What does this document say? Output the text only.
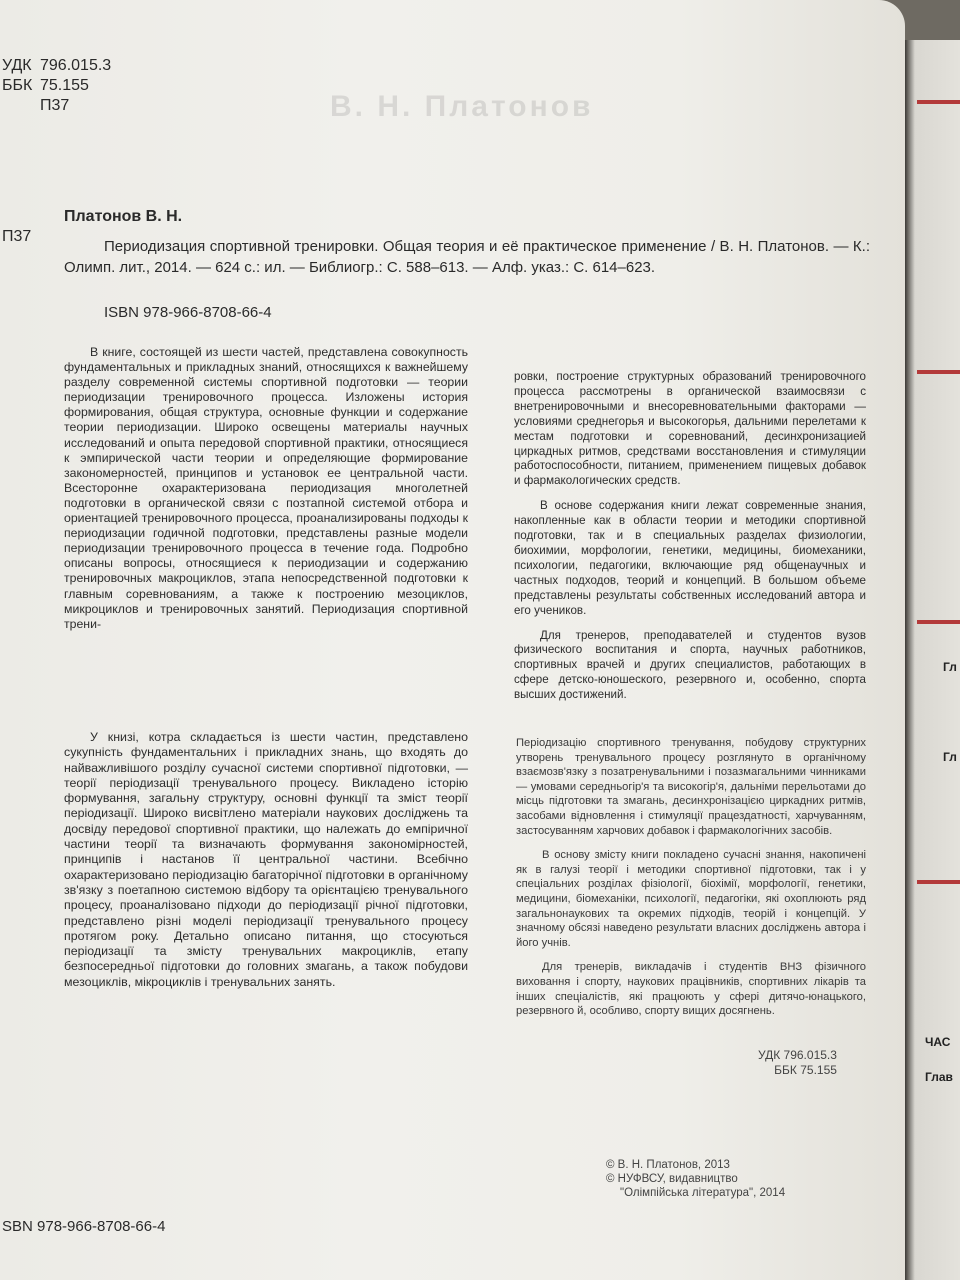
Гл
Гл
ЧАС
Глав
В. Н. Платонов
УДК 796.015.3
ББК 75.155
П37
П37
Платонов В. Н.
Периодизация спортивной тренировки. Общая теория и её практическое применение / В. Н. Платонов. — К.: Олимп. лит., 2014. — 624 с.: ил. — Библиогр.: С. 588–613. — Алф. указ.: С. 614–623.
ISBN 978-966-8708-66-4

В книге, состоящей из шести частей, представлена совокупность фундаментальных и прикладных знаний, относящихся к важнейшему разделу современной системы спортивной подготовки — теории периодизации тренировочного процесса. Изложены история формирования, общая структура, основные функции и содержание теории периодизации. Широко освещены материалы научных исследований и опыта передовой спортивной практики, относящиеся к эмпирической части теории и определяющие формирование закономерностей, принципов и установок ее центральной части. Всесторонне охарактеризована периодизация многолетней подготовки в органической связи с позтапной системой отбора и ориентацией тренировочного процесса, проанализированы подходы к периодизации годичной подготовки, представлены разные модели периодизации тренировочного процесса в течение года. Подробно описаны вопросы, относящиеся к периодизации и содержанию тренировочных макроциклов, этапа непосредственной подготовки к главным соревнованиям, а также к построению мезоциклов, микроциклов и тренировочных занятий. Периодизация спортивной трени-

ровки, построение структурных образований тренировочного процесса рассмотрены в органической взаимосвязи с внетренировочными и внесоревновательными факторами — условиями среднегорья и высокогорья, дальними перелетами к местам подготовки и соревнований, десинхронизацией циркадных ритмов, средствами восстановления и стимуляции работоспособности, питанием, применением пищевых добавок и фармакологических средств.

В основе содержания книги лежат современные знания, накопленные как в области теории и методики спортивной подготовки, так и в специальных разделах физиологии, биохимии, морфологии, генетики, медицины, биомеханики, психологии, педагогики, включающие ряд общенаучных и частных подходов, теорий и концепций. В большом объеме представлены результаты собственных исследований автора и его учеников.

Для тренеров, преподавателей и студентов вузов физического воспитания и спорта, научных работников, спортивных врачей и других специалистов, работающих в сфере детско-юношеского, резервного и, особенно, спорта высших достижений.

У книзі, котра складається із шести частин, представлено сукупність фундаментальних і прикладних знань, що входять до найважливішого розділу сучасної системи спортивної підготовки, — теорії періодизації тренувального процесу. Викладено історію формування, загальну структуру, основні функції та зміст теорії періодизації. Широко висвітлено матеріали наукових досліджень та досвіду передової спортивної практики, що належать до емпіричної частини теорії та визначають формування закономірностей, принципів і настанов її центральної частини. Всебічно охарактеризовано періодизацію багаторічної підготовки в органічному зв'язку з поетапною системою відбору та орієнтацією тренувального процесу, проаналізовано підходи до періодизації річної підготовки, представлено різні моделі періодизації тренувального процесу протягом року. Детально описано питання, що стосуються періодизації та змісту тренувальних макроциклів, етапу безпосередньої підготовки до головних змагань, а також побудови мезоциклів, мікроциклів і тренувальних занять.

Періодизацію спортивного тренування, побудову структурних утворень тренувального процесу розглянуто в органічному взаємозв'язку з позатренувальними і позазмагальними чинниками — умовами середньогір'я та високогір'я, дальніми перельотами до місць підготовки та змагань, десинхронізацією циркадних ритмів, засобами відновлення і стимуляції працездатності, харчуванням, застосуванням харчових добавок і фармакологічних засобів.

В основу змісту книги покладено сучасні знання, накопичені як в галузі теорії і методики спортивної підготовки, так і у спеціальних розділах фізіології, біохімії, морфології, генетики, медицини, біомеханіки, психології, педагогіки, які охоплюють ряд загальнонаукових та окремих підходів, теорій і концепцій. У значному обсязі наведено результати власних досліджень автора і його учнів.

Для тренерів, викладачів і студентів ВНЗ фізичного виховання і спорту, наукових працівників, спортивних лікарів та інших спеціалістів, які працюють у сфері дитячо-юнацького, резервного й, особливо, спорту вищих досягнень.

УДК 796.015.3
ББК 75.155
© В. Н. Платонов, 2013
© НУФВСУ, видавництво
"Олімпійська література", 2014
SBN 978-966-8708-66-4
